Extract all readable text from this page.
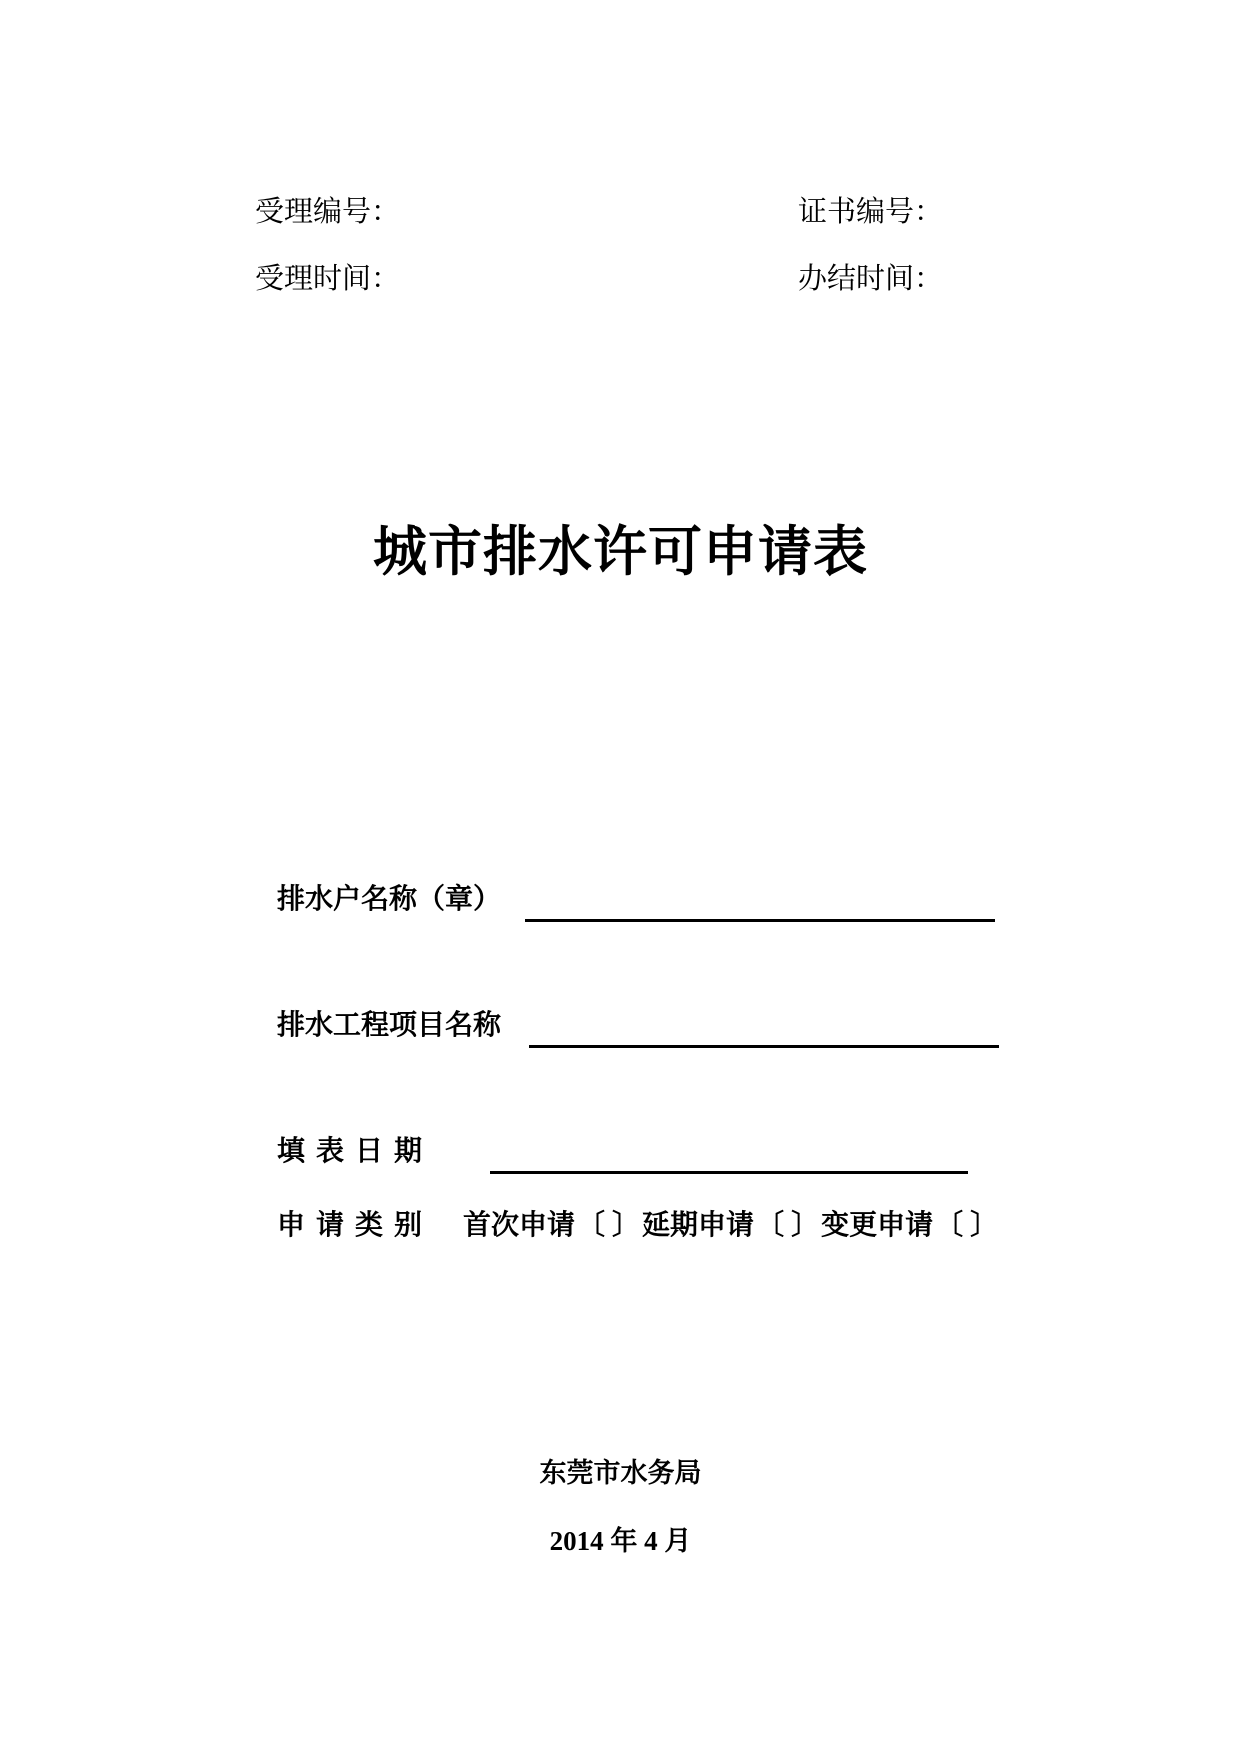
受理编号：	证书编号：
受理时间：	办结时间：
城市排水许可申请表
排水户名称（章）
排水工程项目名称
填 表 日 期
申 请 类 别 首次申请〔 〕延期申请〔 〕变更申请〔 〕
东莞市水务局
2014 年 4 月
